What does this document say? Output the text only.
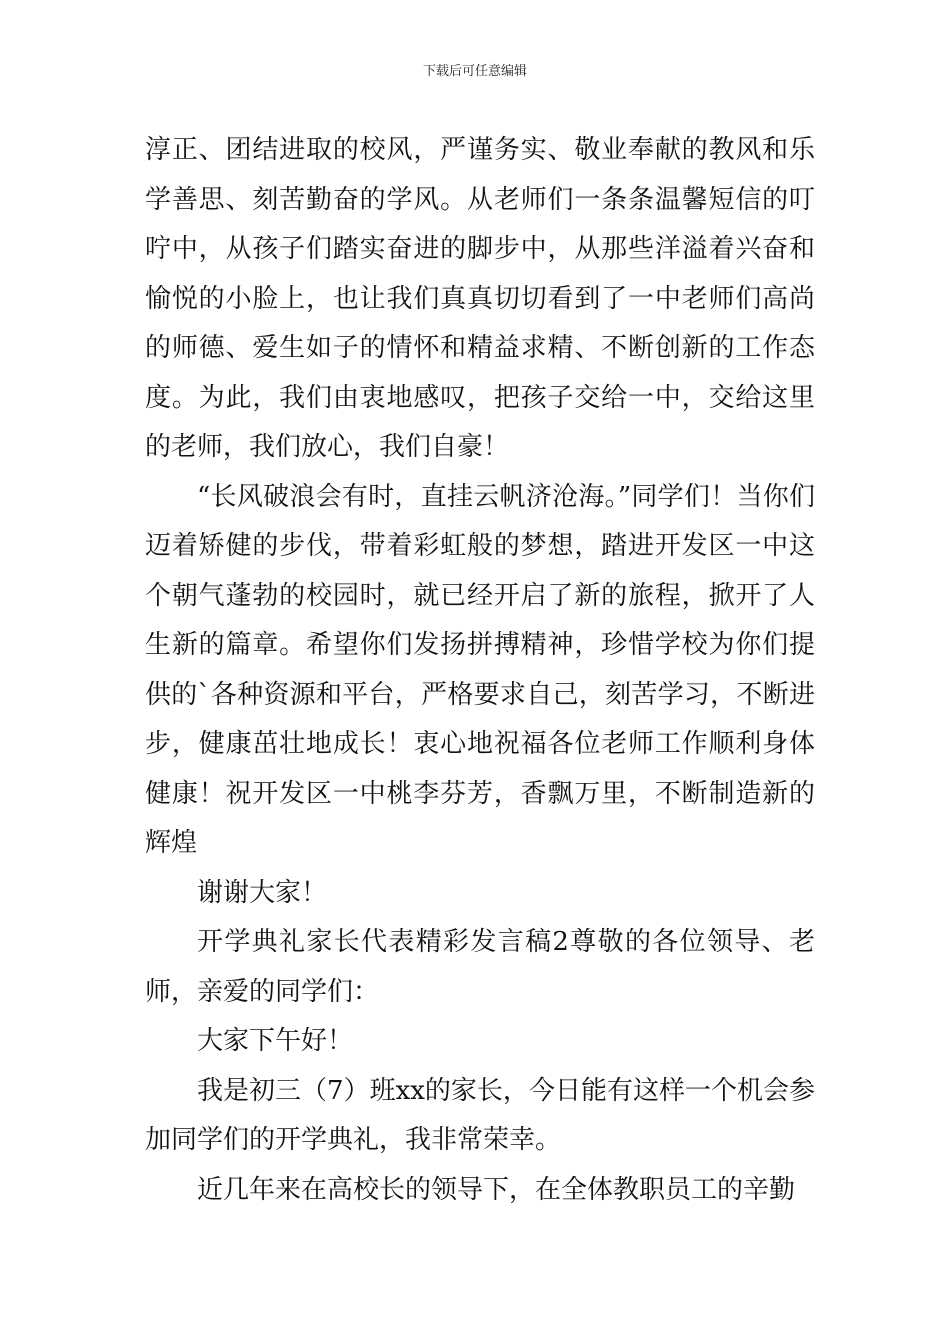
下载后可任意编辑

淳正、团结进取的校风，严谨务实、敬业奉献的教风和乐学善思、刻苦勤奋的学风。从老师们一条条温馨短信的叮咛中，从孩子们踏实奋进的脚步中，从那些洋溢着兴奋和愉悦的小脸上，也让我们真真切切看到了一中老师们高尚的师德、爱生如子的情怀和精益求精、不断创新的工作态度。为此，我们由衷地感叹，把孩子交给一中，交给这里的老师，我们放心，我们自豪！

“长风破浪会有时，直挂云帆济沧海。”同学们！当你们迈着矫健的步伐，带着彩虹般的梦想，踏进开发区一中这个朝气蓬勃的校园时，就已经开启了新的旅程，掀开了人生新的篇章。希望你们发扬拼搏精神，珍惜学校为你们提供的`各种资源和平台，严格要求自己，刻苦学习，不断进步，健康茁壮地成长！衷心地祝福各位老师工作顺利身体健康！祝开发区一中桃李芬芳，香飘万里，不断制造新的辉煌

谢谢大家！

开学典礼家长代表精彩发言稿2尊敬的各位领导、老师，亲爱的同学们：

大家下午好！

我是初三（7）班xx的家长，今日能有这样一个机会参加同学们的开学典礼，我非常荣幸。

近几年来在高校长的领导下，在全体教职员工的辛勤
